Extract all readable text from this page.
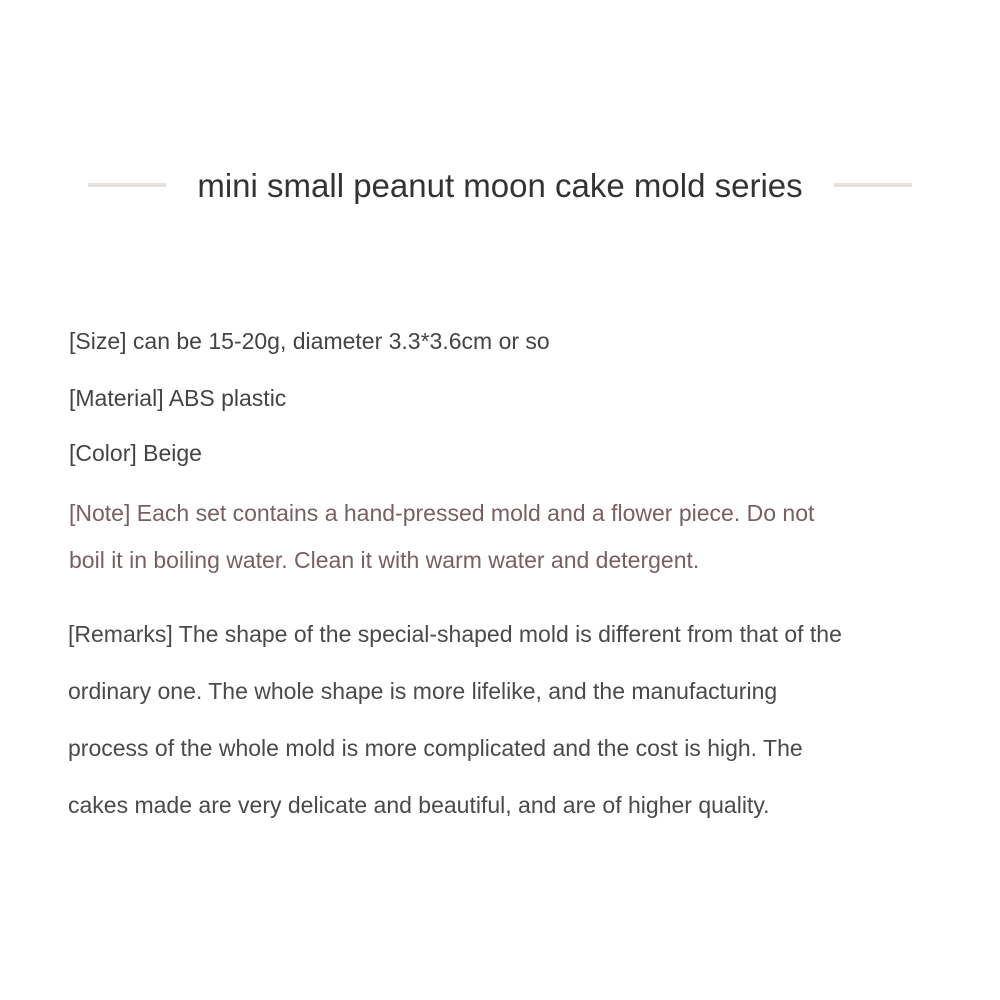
mini small peanut moon cake mold series
[Size] can be 15-20g, diameter 3.3*3.6cm or so
[Material] ABS plastic
[Color] Beige
[Note] Each set contains a hand-pressed mold and a flower piece. Do not
boil it in boiling water. Clean it with warm water and detergent.
[Remarks] The shape of the special-shaped mold is different from that of the
ordinary one. The whole shape is more lifelike, and the manufacturing
process of the whole mold is more complicated and the cost is high. The
cakes made are very delicate and beautiful, and are of higher quality.
